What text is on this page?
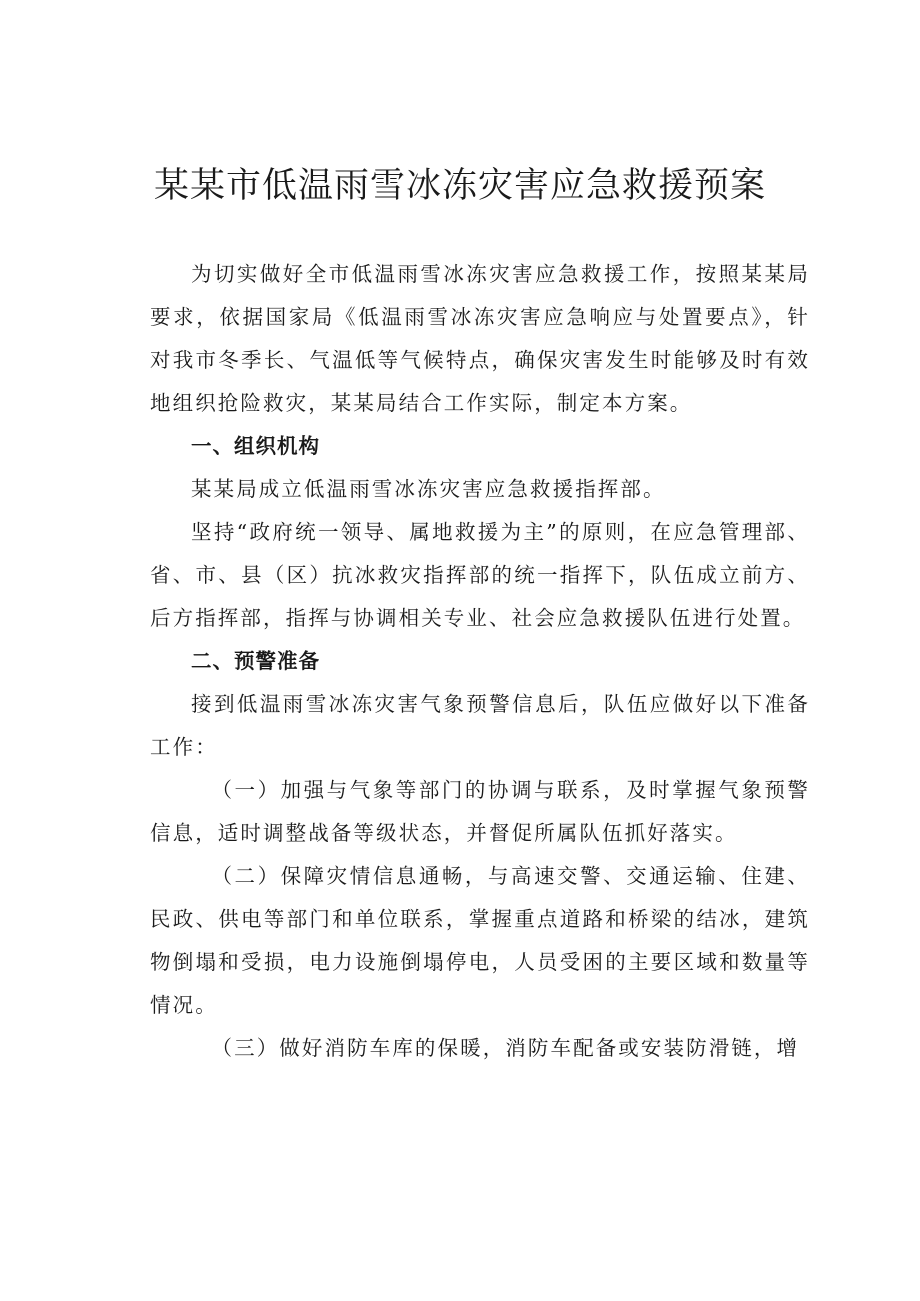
某某市低温雨雪冰冻灾害应急救援预案

为切实做好全市低温雨雪冰冻灾害应急救援工作，按照某某局要求，依据国家局《低温雨雪冰冻灾害应急响应与处置要点》，针对我市冬季长、气温低等气候特点，确保灾害发生时能够及时有效地组织抢险救灾，某某局结合工作实际，制定本方案。

一、组织机构

某某局成立低温雨雪冰冻灾害应急救援指挥部。

坚持“政府统一领导、属地救援为主”的原则，在应急管理部、省、市、县（区）抗冰救灾指挥部的统一指挥下，队伍成立前方、后方指挥部，指挥与协调相关专业、社会应急救援队伍进行处置。

二、预警准备

接到低温雨雪冰冻灾害气象预警信息后，队伍应做好以下准备工作：

（一）加强与气象等部门的协调与联系，及时掌握气象预警信息，适时调整战备等级状态，并督促所属队伍抓好落实。

（二）保障灾情信息通畅，与高速交警、交通运输、住建、民政、供电等部门和单位联系，掌握重点道路和桥梁的结冰，建筑物倒塌和受损，电力设施倒塌停电，人员受困的主要区域和数量等情况。

（三）做好消防车库的保暖，消防车配备或安装防滑链，增
